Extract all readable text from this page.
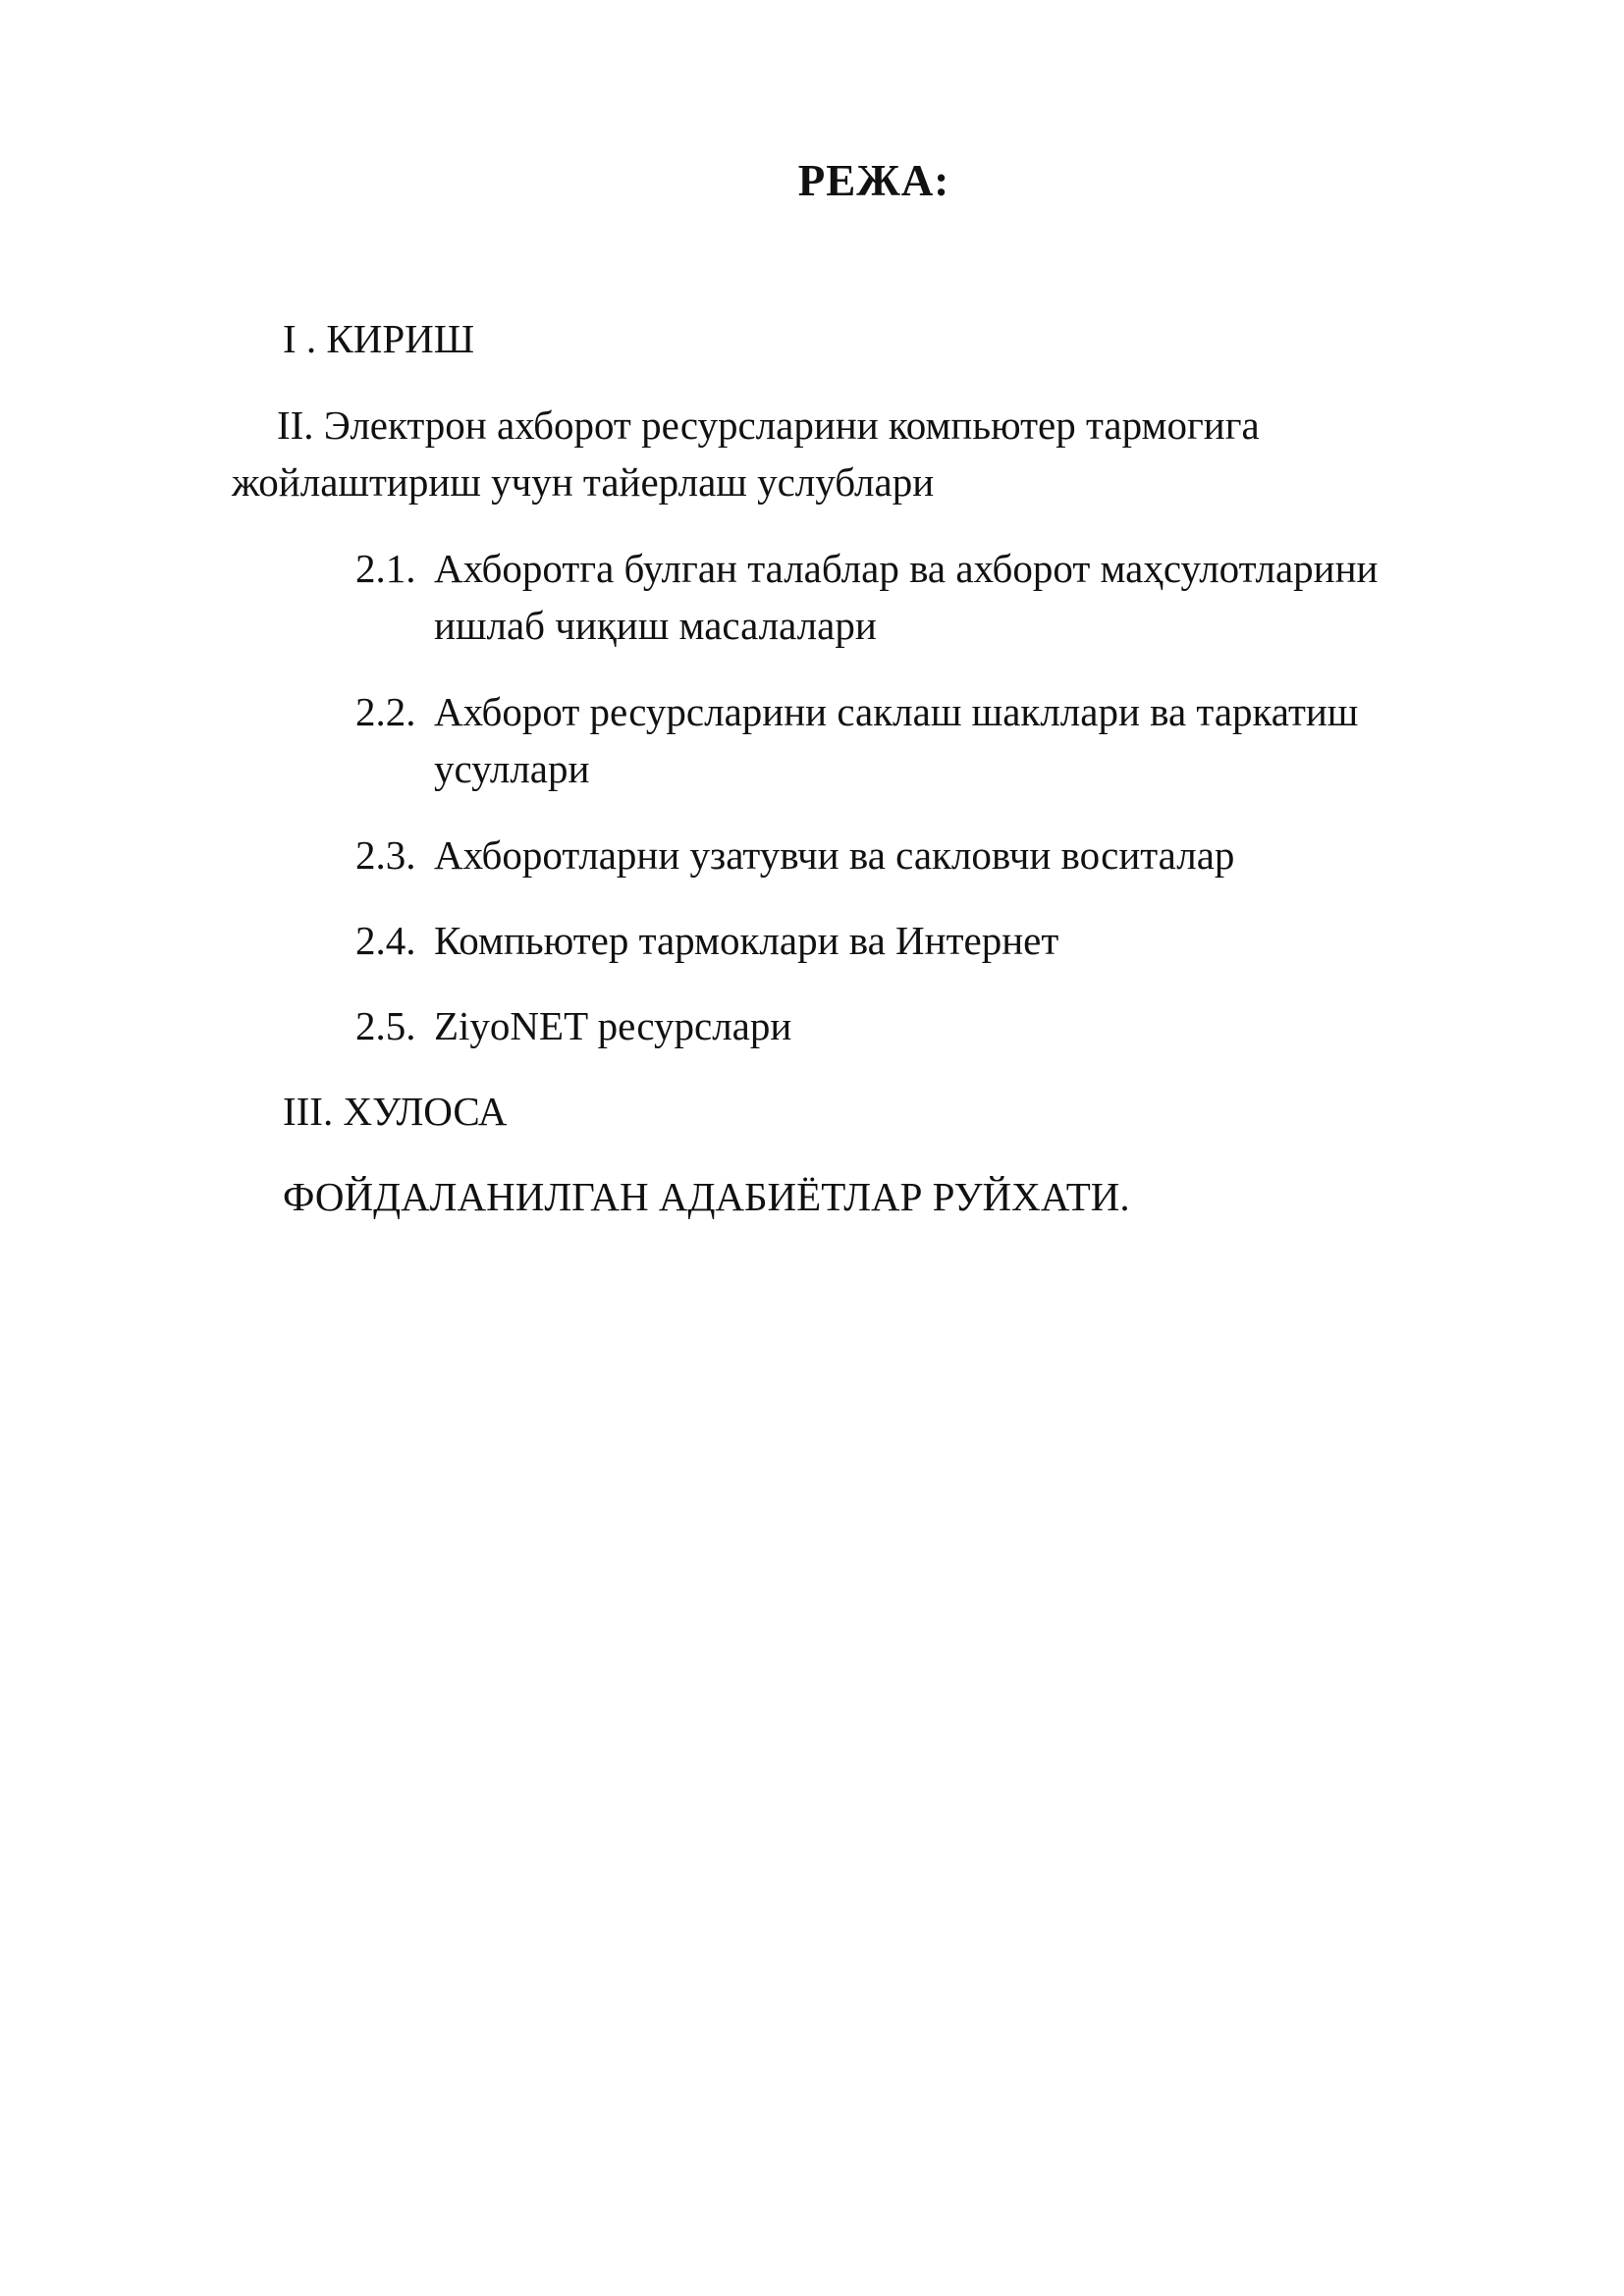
РЕЖА:
I . КИРИШ
II. Электрон ахборот ресурсларини компьютер тармогига
жойлаштириш учун тайерлаш услублари
2.1. Ахборотга булган талаблар ва ахборот маҳсулотларини
ишлаб чиқиш масалалари
2.2. Ахборот ресурсларини саклаш шакллари ва таркатиш
усуллари
2.3. Ахборотларни узатувчи ва сакловчи воситалар
2.4. Компьютер тармоклари ва Интернет
2.5. ZiyoNET ресурслари
III. ХУЛОСА
ФОЙДАЛАНИЛГАН АДАБИЁТЛАР РУЙХАТИ.
